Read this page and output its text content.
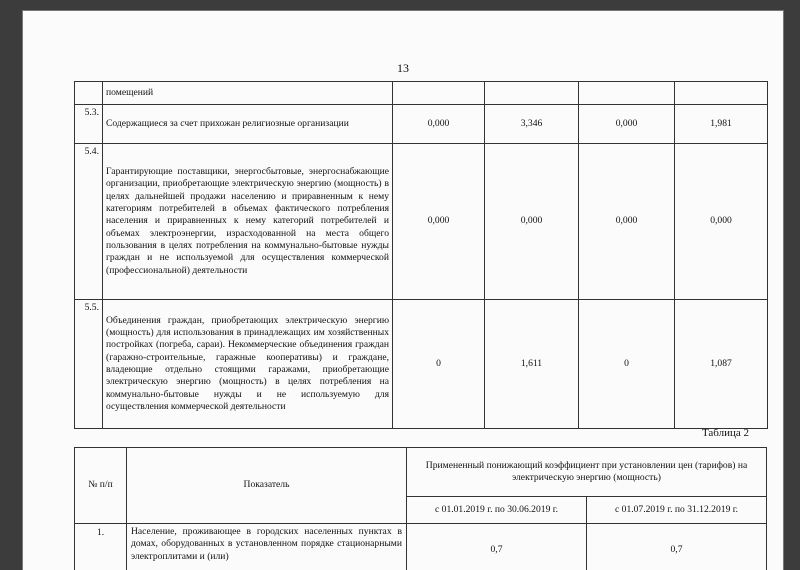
13
	помещений				
5.3.	Содержащиеся за счет прихожан религиозные организации	0,000	3,346	0,000	1,981
5.4.	Гарантирующие поставщики, энергосбытовые, энергоснабжающие организации, приобретающие электрическую энергию (мощность) в целях дальнейшей продажи населению и приравненным к нему категориям потребителей в объемах фактического потребления населения и приравненных к нему категорий потребителей и объемах электроэнергии, израсходованной на места общего пользования в целях потребления на коммунально-бытовые нужды граждан и не используемой для осуществления коммерческой (профессиональной) деятельности	0,000	0,000	0,000	0,000
5.5.	Объединения граждан, приобретающих электрическую энергию (мощность) для использования в принадлежащих им хозяйственных постройках (погреба, сараи). Некоммерческие объединения граждан (гаражно-строительные, гаражные кооперативы) и граждане, владеющие отдельно стоящими гаражами, приобретающие электрическую энергию (мощность) в целях потребления на коммунально-бытовые нужды и не используемую для осуществления коммерческой деятельности	0	1,611	0	1,087
Таблица 2
№ п/п	Показатель	Примененный понижающий коэффициент при установлении цен (тарифов) на электрическую энергию (мощность)	
		с 01.01.2019 г. по 30.06.2019 г.	с 01.07.2019 г. по 31.12.2019 г.
1.	Население, проживающее в городских населенных пунктах в домах, оборудованных в установленном порядке стационарными электроплитами и (или)	0,7	0,7
